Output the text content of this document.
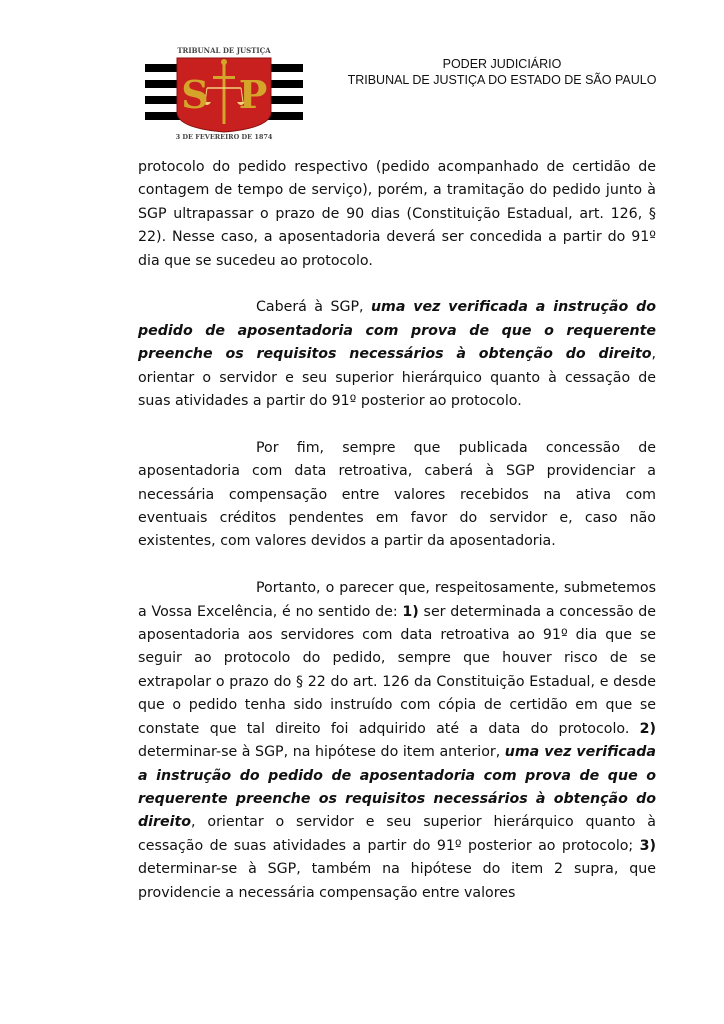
S P
TRIBUNAL DE JUSTIÇA
3 DE FEVEREIRO DE 1874
PODER JUDICIÁRIO
TRIBUNAL DE JUSTIÇA DO ESTADO DE SÃO PAULO

protocolo do pedido respectivo (pedido acompanhado de certidão de contagem de tempo de serviço), porém, a tramitação do pedido junto à SGP ultrapassar o prazo de 90 dias (Constituição Estadual, art. 126, § 22). Nesse caso, a aposentadoria deverá ser concedida a partir do 91º dia que se sucedeu ao protocolo.

Caberá à SGP, uma vez verificada a instrução do pedido de aposentadoria com prova de que o requerente preenche os requisitos necessários à obtenção do direito, orientar o servidor e seu superior hierárquico quanto à cessação de suas atividades a partir do 91º posterior ao protocolo.

Por fim, sempre que publicada concessão de aposentadoria com data retroativa, caberá à SGP providenciar a necessária compensação entre valores recebidos na ativa com eventuais créditos pendentes em favor do servidor e, caso não existentes, com valores devidos a partir da aposentadoria.

Portanto, o parecer que, respeitosamente, submetemos a Vossa Excelência, é no sentido de: 1) ser determinada a concessão de aposentadoria aos servidores com data retroativa ao 91º dia que se seguir ao protocolo do pedido, sempre que houver risco de se extrapolar o prazo do § 22 do art. 126 da Constituição Estadual, e desde que o pedido tenha sido instruído com cópia de certidão em que se constate que tal direito foi adquirido até a data do protocolo. 2) determinar-se à SGP, na hipótese do item anterior, uma vez verificada a instrução do pedido de aposentadoria com prova de que o requerente preenche os requisitos necessários à obtenção do direito, orientar o servidor e seu superior hierárquico quanto à cessação de suas atividades a partir do 91º posterior ao protocolo; 3) determinar-se à SGP, também na hipótese do item 2 supra, que providencie a necessária compensação entre valores
